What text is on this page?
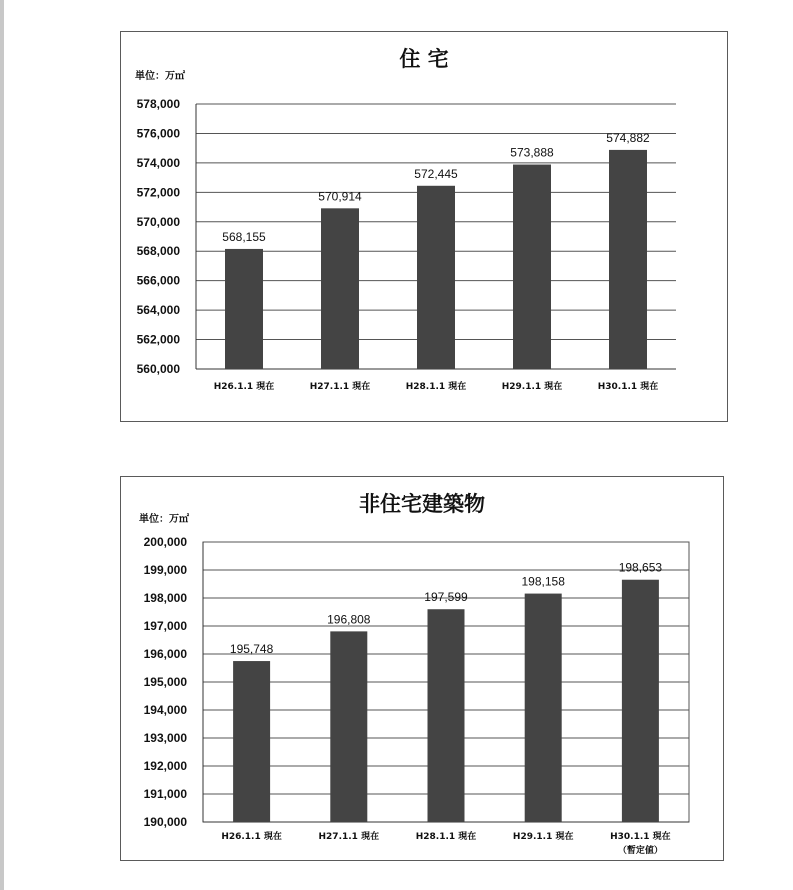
住 宅
単位：万㎡
560,000
562,000
564,000
566,000
568,000
570,000
572,000
574,000
576,000
578,000
568,155
H26.1.1 現在
570,914
H27.1.1 現在
572,445
H28.1.1 現在
573,888
H29.1.1 現在
574,882
H30.1.1 現在
非住宅建築物
単位：万㎡
190,000
191,000
192,000
193,000
194,000
195,000
196,000
197,000
198,000
199,000
200,000
195,748
H26.1.1 現在
196,808
H27.1.1 現在
197,599
H28.1.1 現在
198,158
H29.1.1 現在
198,653
H30.1.1 現在
（暫定値）
